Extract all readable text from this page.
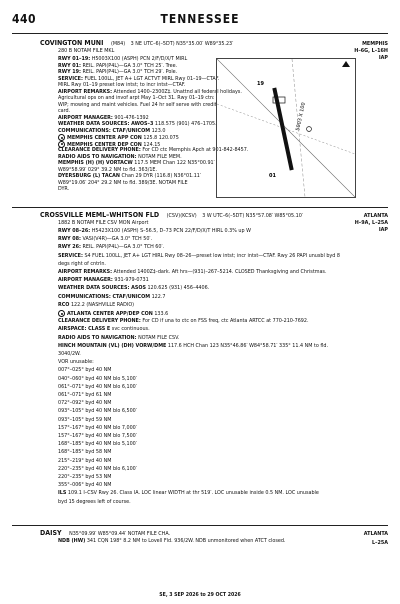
440	TENNESSEE
COVINGTON MUNI (M84) 3 NE UTC–6(–5DT) N35°35.00′ W89°35.23′
280 B NOTAM FILE MKL
MEMPHIS
H–6G, L–16H
IAP
RWY 01–19: H5003X100 (ASPH) PCN 2/F/D/X/T MIRL
RWY 01: REIL. PAPI(P4L)—GA 3.0° TCH 25′. Tree.
RWY 19: REIL. PAPI(P4L)—GA 3.0° TCH 29′. Pole.
SERVICE: FUEL 100LL, JET A+ LGT ACTVT MIRL Rwy 01–19—CTAF.
MIRL Rwy 01–19 preset low intst; to incr intst—CTAF.
AIRPORT REMARKS: Attended 1400–2300Z‡. Unattnd all federal holidays.
Agricultural ops on and invof arpt May 1–Oct 31. Rwy 01–19 ctn:
WIP; mowing and maint vehicles. Fuel 24 hr self serve with credit
card.
AIRPORT MANAGER: 901-476-1392
WEATHER DATA SOURCES: AWOS–3 118.575 (901) 476–1705.
COMMUNICATIONS: CTAF/UNICOM 123.0
MEMPHIS CENTER APP CON 125.8 120.075
MEMPHIS CENTER DEP CON 124.15
CLEARANCE DELIVERY PHONE: For CD ctc Memphis Apch at 901-842-8457.
RADIO AIDS TO NAVIGATION: NOTAM FILE MEM.
MEMPHIS (H) (H) VORTACW 117.5 MEM Chan 122 N35°00.91′
W89°58.99′ 029° 39.2 NM to fld. 363/1E.
DYERSBURG (L) TACAN Chan 29 DYR (116.8) N36°01.11′
W89°19.06′ 204° 29.2 NM to fld. 389/3E. NOTAM FILE
DYR.
5003 X 100
19
01
CROSSVILLE MEML–WHITSON FLD (CSV)(KCSV) 3 W UTC–6(–5DT) N35°57.08′ W85°05.10′
1882 B NOTAM FILE CSV MON Airport
ATLANTA
H–9A, L–25A
IAP
RWY 08–26: H5423X100 (ASPH) S–56.5, D–73 PCN 22/F/D/X/T HIRL 0.3% up W
RWY 08: VASI(V4R)—GA 3.0° TCH 50′.
RWY 26: REIL. PAPI(P4L)—GA 3.0° TCH 60′.
SERVICE: S4 FUEL 100LL, JET A+ LGT HIRL Rwy 08–26—preset low intst; incr intst—CTAF. Rwy 26 PAPI unusbl byd 8
degs right of cntrln.
AIRPORT REMARKS: Attended 1400Z‡–dark. Aft hrs—(931)–267–5214. CLOSED Thanksgiving and Christmas.
AIRPORT MANAGER: 931-979-0731
WEATHER DATA SOURCES: ASOS 120.625 (931) 456–4406.
COMMUNICATIONS: CTAF/UNICOM 122.7
RCO 122.2 (NASHVILLE RADIO)
ATLANTA CENTER APP/DEP CON 133.6
CLEARANCE DELIVERY PHONE: For CD if una to ctc on FSS freq, ctc Atlanta ARTCC at 770-210-7692.
AIRSPACE: CLASS E svc continuous.
RADIO AIDS TO NAVIGATION: NOTAM FILE CSV.
HINCH MOUNTAIN (VL) (DH) VORW/DME 117.6 HCH Chan 123 N35°46.86′ W84°58.71′ 335° 11.4 NM to fld.
3040/2W.
VOR unusable:
007°–025° byd 40 NM
040°–060° byd 40 NM blo 5,100′
061°–071° byd 40 NM blo 6,100′
061°–071° byd 61 NM
072°–092° byd 40 NM
093°–105° byd 40 NM blo 6,500′
093°–105° byd 59 NM
157°–167° byd 40 NM blo 7,000′
157°–167° byd 40 NM blo 7,500′
168°–185° byd 40 NM blo 5,100′
168°–185° byd 58 NM
215°–219° byd 40 NM
220°–235° byd 40 NM blo 6,100′
220°–235° byd 53 NM
355°–006° byd 40 NM
ILS 109.1 I–CSV Rwy 26. Class IA. LOC linear WIDTH at thr 519′. LOC unusable inside 0.5 NM. LOC unusable
byd 15 degrees left of course.
DAISY N35°09.99′ W85°09.44′ NOTAM FILE CHA.
NDB (HW) 341 CQN 198° 8.2 NM to Lovell Fld. 936/2W. NDB unmonitored when ATCT closed.
ATLANTA
L–25A
SE, 3 SEP 2026 to 29 OCT 2026
